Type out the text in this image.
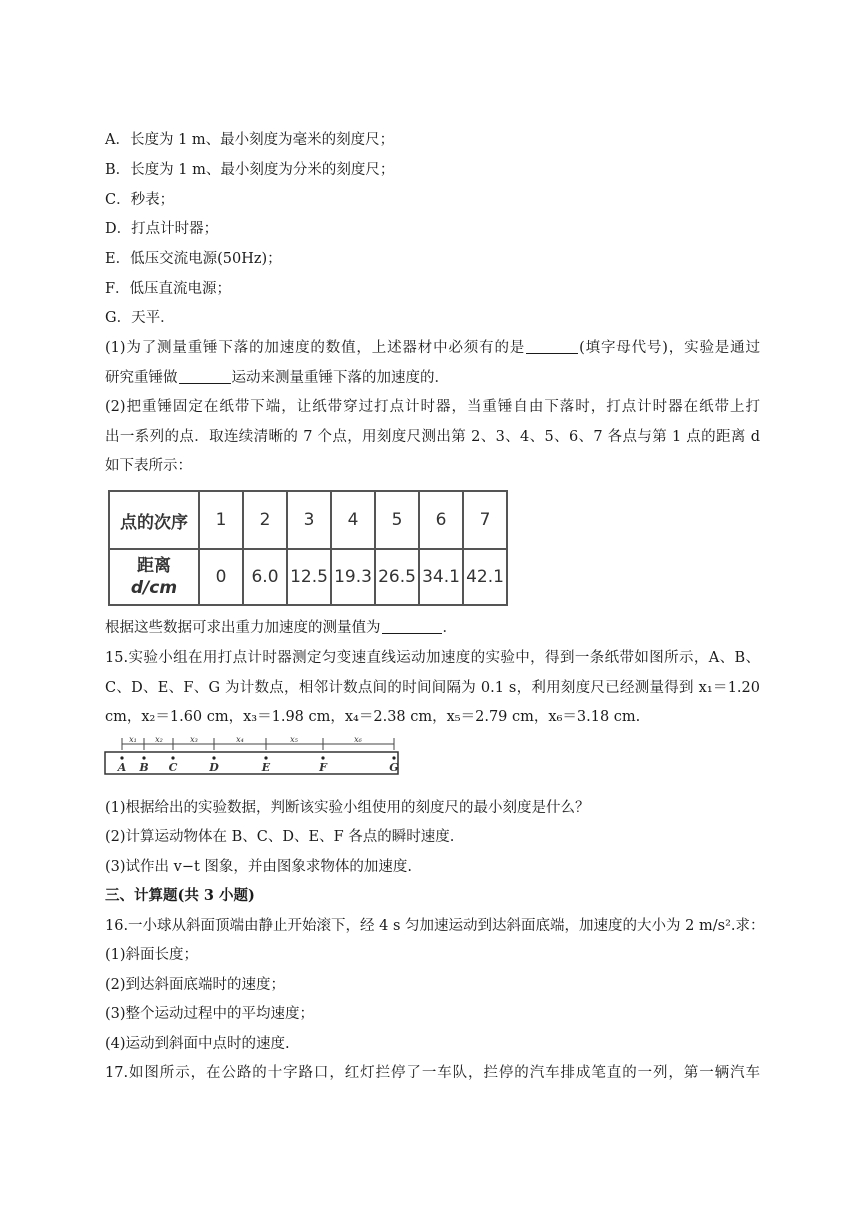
A．长度为 1 m、最小刻度为毫米的刻度尺；
B．长度为 1 m、最小刻度为分米的刻度尺；
C．秒表；
D．打点计时器；
E．低压交流电源(50Hz)；
F．低压直流电源；
G．天平．
(1)为了测量重锤下落的加速度的数值，上述器材中必须有的是	(填字母代号)，实验是通过
研究重锤做	运动来测量重锤下落的加速度的．
(2)把重锤固定在纸带下端，让纸带穿过打点计时器，当重锤自由下落时，打点计时器在纸带上打
出一系列的点．取连续清晰的 7 个点，用刻度尺测出第 2、3、4、5、6、7 各点与第 1 点的距离 d
如下表所示：
点的次序	1	2	3	4	5	6	7

距离
d/cm	0	6.0	12.5	19.3	26.5	34.1	42.1
根据这些数据可求出重力加速度的测量值为	．
15.实验小组在用打点计时器测定匀变速直线运动加速度的实验中，得到一条纸带如图所示，A、B、
C、D、E、F、G 为计数点，相邻计数点间的时间间隔为 0.1 s，利用刻度尺已经测量得到 x₁＝1.20
cm，x₂＝1.60 cm，x₃＝1.98 cm，x₄＝2.38 cm，x₅＝2.79 cm，x₆＝3.18 cm.
x₁ x₂	x₃	x₄	x₅	x₆
A B C	D	E	F	G
(1)根据给出的实验数据，判断该实验小组使用的刻度尺的最小刻度是什么？
(2)计算运动物体在 B、C、D、E、F 各点的瞬时速度.
(3)试作出 v−t 图象，并由图象求物体的加速度.
三、计算题(共 3 小题)
16.一小球从斜面顶端由静止开始滚下，经 4 s 匀加速运动到达斜面底端，加速度的大小为 2 m/s².求：
(1)斜面长度；
(2)到达斜面底端时的速度；
(3)整个运动过程中的平均速度；
(4)运动到斜面中点时的速度.
17.如图所示，在公路的十字路口，红灯拦停了一车队，拦停的汽车排成笔直的一列，第一辆汽车
